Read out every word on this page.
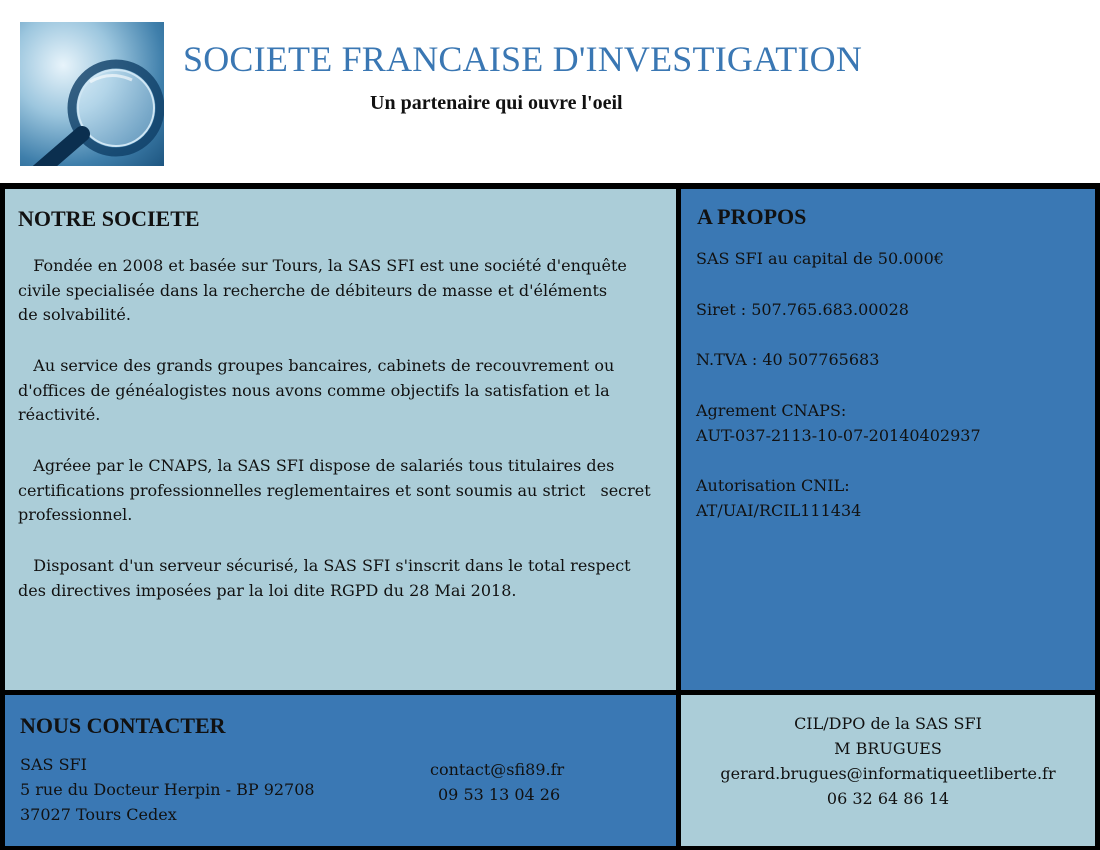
SOCIETE FRANCAISE D'INVESTIGATION
Un partenaire qui ouvre l'oeil
NOTRE SOCIETE
Fondée en 2008 et basée sur Tours, la SAS SFI est une société d'enquête
civile specialisée dans la recherche de débiteurs de masse et d'éléments
de solvabilité.
Au service des grands groupes bancaires, cabinets de recouvrement ou
d'offices de généalogistes nous avons comme objectifs la satisfation et la
réactivité.
Agréee par le CNAPS, la SAS SFI dispose de salariés tous titulaires des
certifications professionnelles reglementaires et sont soumis au strict   secret
professionnel.
Disposant d'un serveur sécurisé, la SAS SFI s'inscrit dans le total respect
des directives imposées par la loi dite RGPD du 28 Mai 2018.
A PROPOS
SAS SFI au capital de 50.000€
Siret : 507.765.683.00028
N.TVA : 40 507765683
Agrement CNAPS:
AUT-037-2113-10-07-20140402937
Autorisation CNIL:
AT/UAI/RCIL111434
NOUS CONTACTER
SAS SFI
5 rue du Docteur Herpin - BP 92708
37027 Tours Cedex
contact@sfi89.fr
09 53 13 04 26
CIL/DPO de la SAS SFI
M BRUGUES
gerard.brugues@informatiqueetliberte.fr
06 32 64 86 14
